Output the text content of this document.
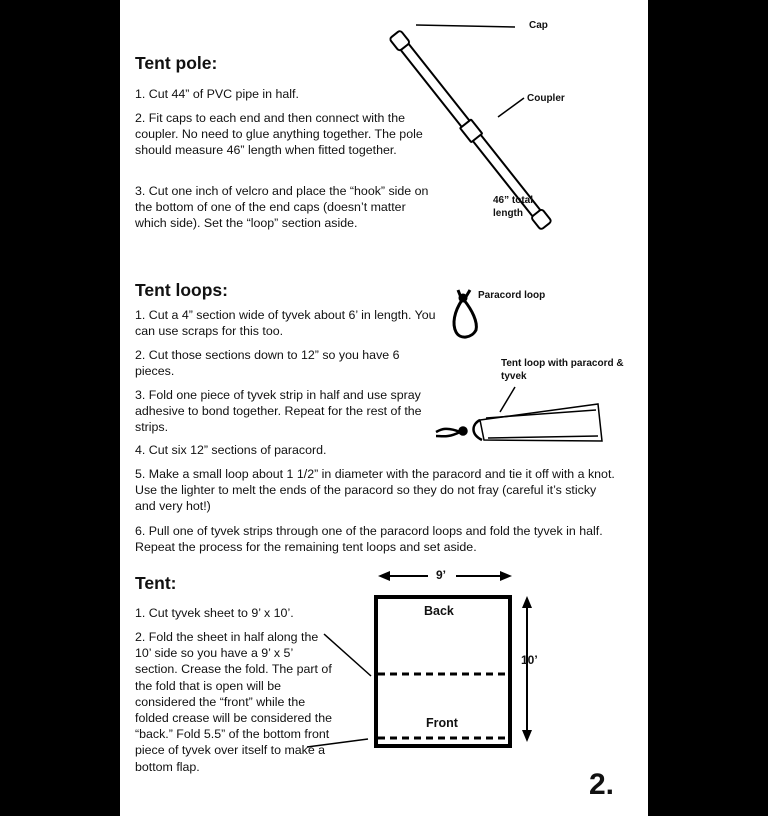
Tent pole:
1. Cut 44” of PVC pipe in half.
2. Fit caps to each end and then connect with the coupler. No need to glue anything together. The pole should measure 46” length when fitted together.
3. Cut one inch of velcro and place the “hook” side on the bottom of one of the end caps (doesn’t matter which side). Set the “loop” section aside.
Cap
Coupler
46” total length
Tent loops:
1. Cut a 4” section wide of tyvek about 6’ in length. You can use scraps for this too.
2. Cut those sections down to 12” so you have 6 pieces.
3. Fold one piece of tyvek strip in half and use spray adhesive to bond together. Repeat for the rest of the strips.
4. Cut six 12” sections of paracord.
5. Make a small loop about 1 1/2” in diameter with the paracord and tie it off with a knot. Use the lighter to melt the ends of the paracord so they do not fray (careful it’s sticky and very hot!)
6. Pull one of tyvek strips through one of the paracord loops and fold the tyvek in half. Repeat the process for the remaining tent loops and set aside.
Paracord loop
Tent loop with paracord & tyvek
Tent:
1. Cut tyvek sheet to 9’ x 10’.
2. Fold the sheet in half along the 10’ side so you have a 9’ x 5’ section. Crease the fold. The part of the fold that is open will be considered the “front” while the folded crease will be considered the “back.” Fold 5.5” of the bottom front piece of tyvek over itself to make a bottom flap.
9’
10’
Back
Front
2.
